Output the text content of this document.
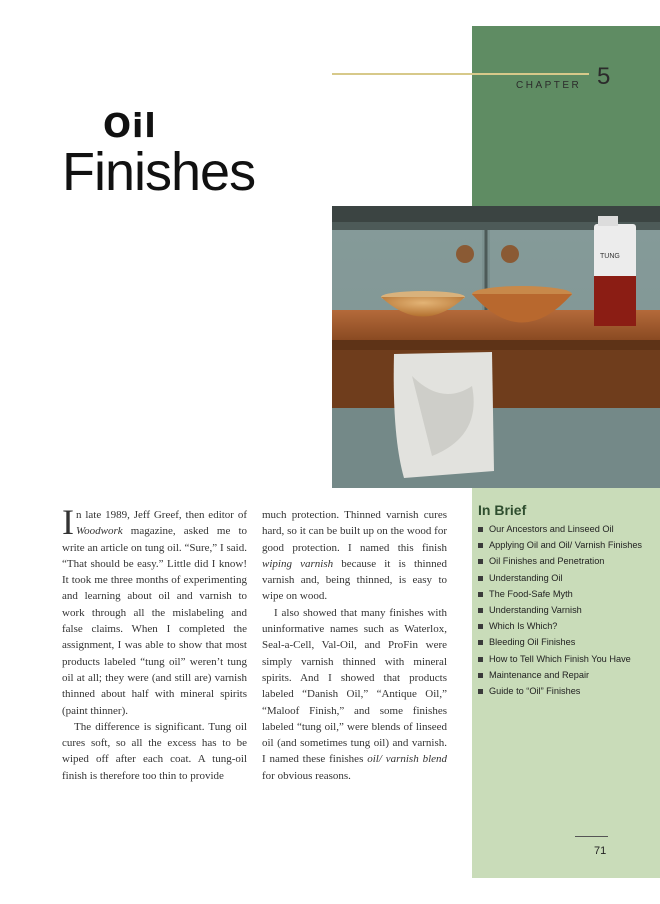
CHAPTER 5
Oil
Finishes
TUNG

In late 1989, Jeff Greef, then editor of Woodwork magazine, asked me to write an article on tung oil. “Sure,” I said. “That should be easy.” Little did I know! It took me three months of experimenting and learning about oil and varnish to work through all the mislabeling and false claims. When I completed the assignment, I was able to show that most products labeled “tung oil” weren’t tung oil at all; they were (and still are) varnish thinned about half with mineral spirits (paint thinner).

The difference is significant. Tung oil cures soft, so all the excess has to be wiped off after each coat. A tung-oil finish is therefore too thin to provide

much protection. Thinned varnish cures hard, so it can be built up on the wood for good protection. I named this finish wiping varnish because it is thinned varnish and, being thinned, is easy to wipe on wood.

I also showed that many finishes with uninformative names such as Waterlox, Seal-a-Cell, Val-Oil, and ProFin were simply varnish thinned with mineral spirits. And I showed that products labeled “Danish Oil,” “Antique Oil,” “Maloof Finish,” and some finishes labeled “tung oil,” were blends of linseed oil (and sometimes tung oil) and varnish. I named these finishes oil/ varnish blend for obvious reasons.

In Brief
Our Ancestors and Linseed Oil
Applying Oil and Oil/ Varnish Finishes
Oil Finishes and Penetration
Understanding Oil
The Food-Safe Myth
Understanding Varnish
Which Is Which?
Bleeding Oil Finishes
How to Tell Which Finish You Have
Maintenance and Repair
Guide to “Oil” Finishes
71
